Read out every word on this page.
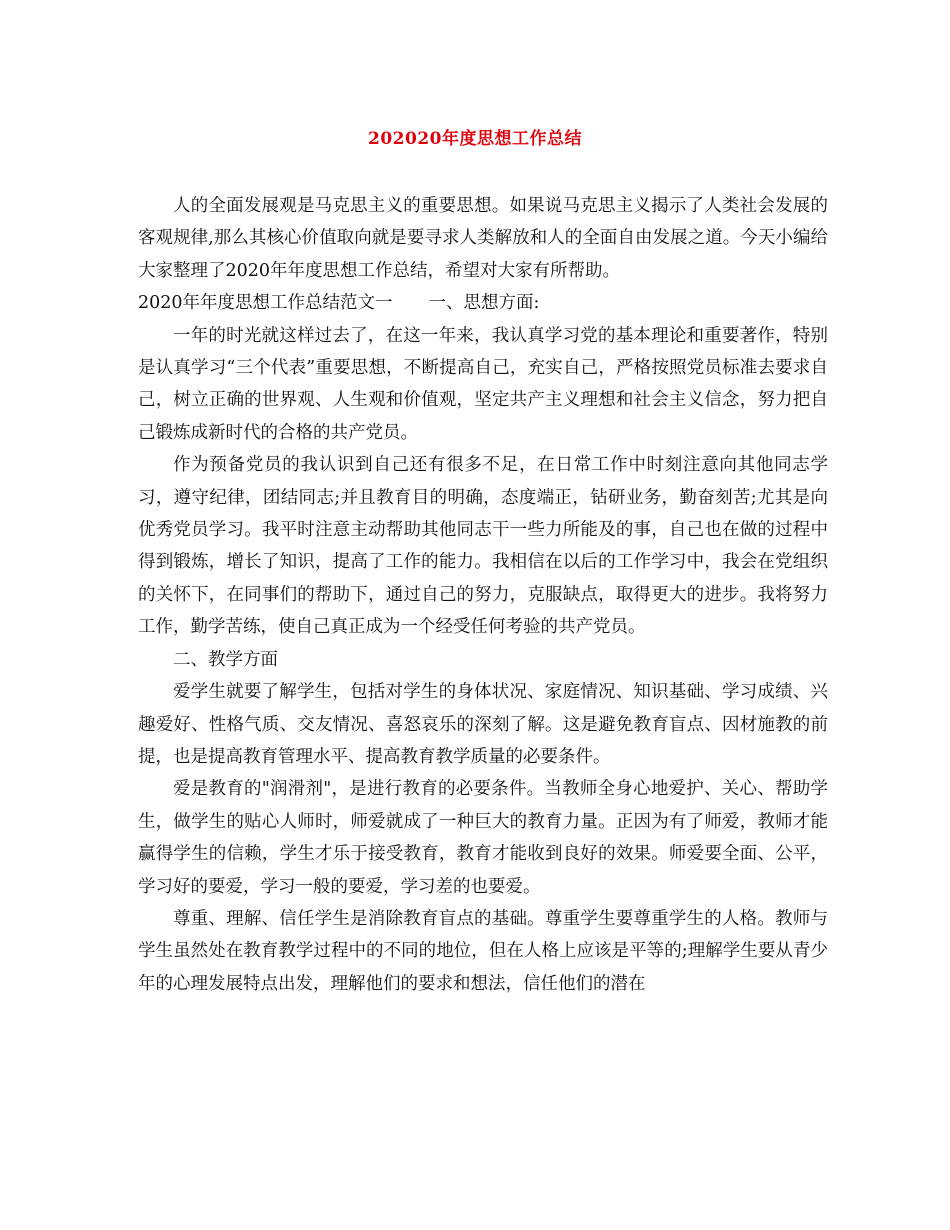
202020年度思想工作总结

人的全面发展观是马克思主义的重要思想。如果说马克思主义揭示了人类社会发展的客观规律,那么其核心价值取向就是要寻求人类解放和人的全面自由发展之道。今天小编给大家整理了2020年年度思想工作总结，希望对大家有所帮助。

2020年年度思想工作总结范文一 一、思想方面:

一年的时光就这样过去了，在这一年来，我认真学习党的基本理论和重要著作，特别是认真学习“三个代表”重要思想，不断提高自己，充实自己，严格按照党员标准去要求自己，树立正确的世界观、人生观和价值观，坚定共产主义理想和社会主义信念，努力把自己锻炼成新时代的合格的共产党员。

作为预备党员的我认识到自己还有很多不足，在日常工作中时刻注意向其他同志学习，遵守纪律，团结同志;并且教育目的明确，态度端正，钻研业务，勤奋刻苦;尤其是向优秀党员学习。我平时注意主动帮助其他同志干一些力所能及的事，自己也在做的过程中得到锻炼，增长了知识，提高了工作的能力。我相信在以后的工作学习中，我会在党组织的关怀下，在同事们的帮助下，通过自己的努力，克服缺点，取得更大的进步。我将努力工作，勤学苦练，使自己真正成为一个经受任何考验的共产党员。

二、教学方面

爱学生就要了解学生，包括对学生的身体状况、家庭情况、知识基础、学习成绩、兴趣爱好、性格气质、交友情况、喜怒哀乐的深刻了解。这是避免教育盲点、因材施教的前提，也是提高教育管理水平、提高教育教学质量的必要条件。

爱是教育的"润滑剂"，是进行教育的必要条件。当教师全身心地爱护、关心、帮助学生，做学生的贴心人师时，师爱就成了一种巨大的教育力量。正因为有了师爱，教师才能赢得学生的信赖，学生才乐于接受教育，教育才能收到良好的效果。师爱要全面、公平，学习好的要爱，学习一般的要爱，学习差的也要爱。

尊重、理解、信任学生是消除教育盲点的基础。尊重学生要尊重学生的人格。教师与学生虽然处在教育教学过程中的不同的地位，但在人格上应该是平等的;理解学生要从青少年的心理发展特点出发，理解他们的要求和想法，信任他们的潜在
